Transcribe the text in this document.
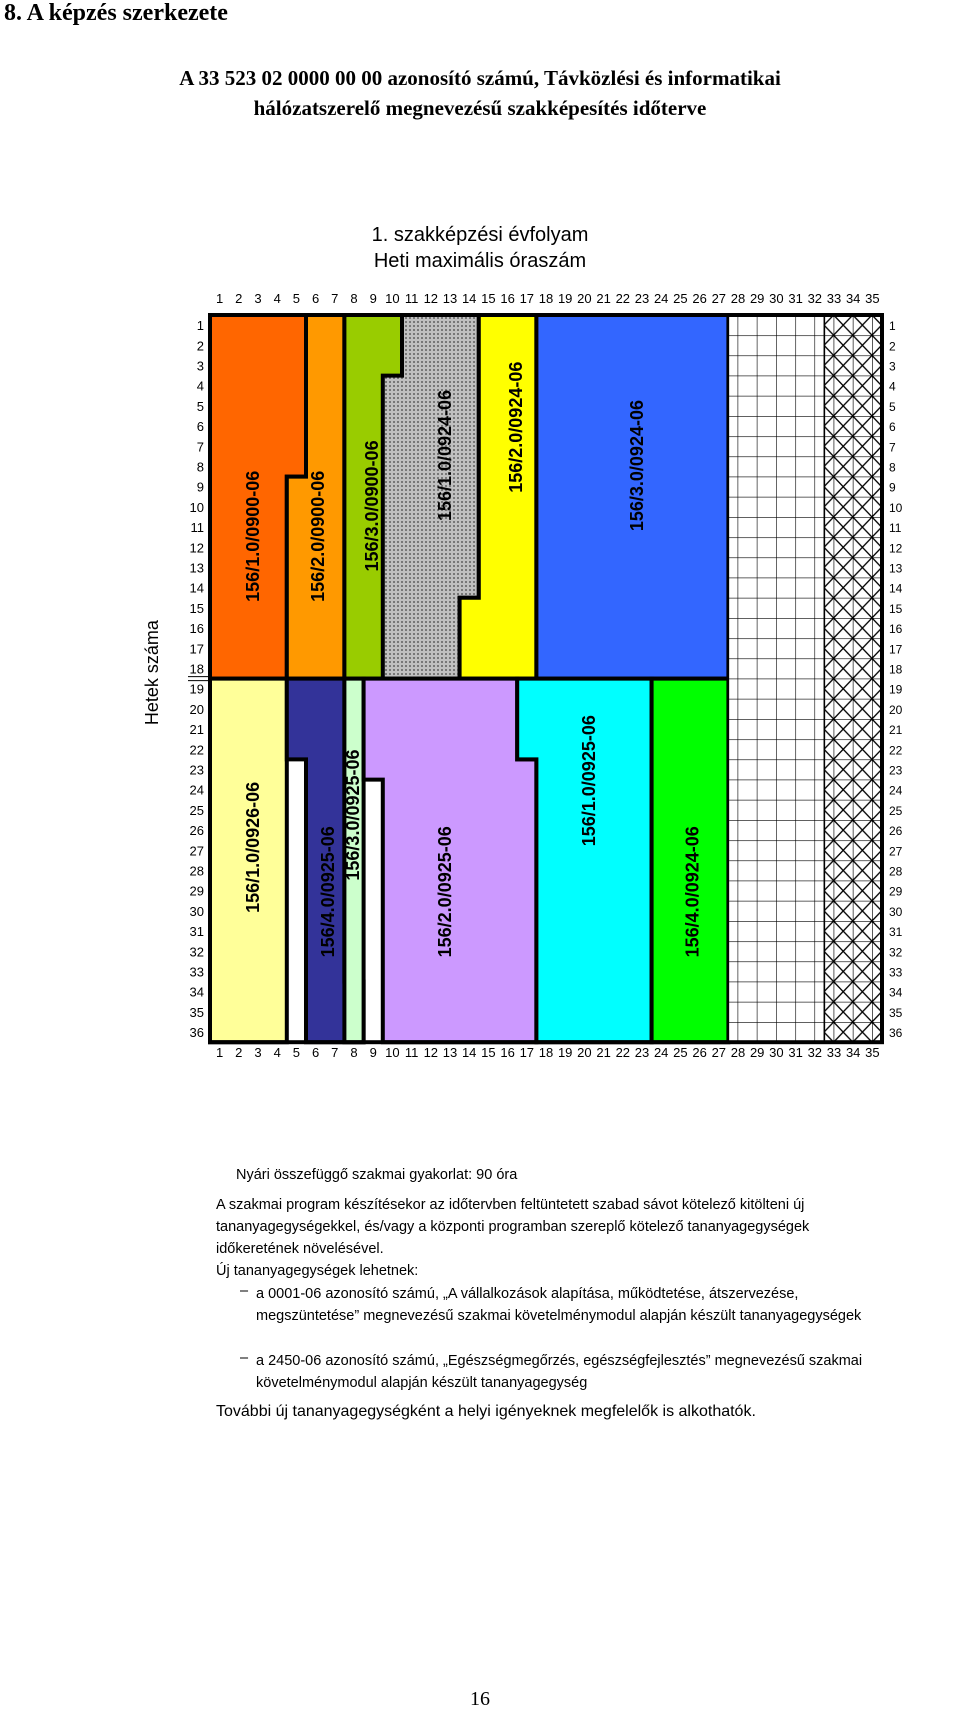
8. A képzés szerkezete
A 33 523 02 0000 00 00 azonosító számú, Távközlési és informatikai
hálózatszerelő megnevezésű szakképesítés időterve
1. szakképzési évfolyam
Heti maximális óraszám
1
1
2
2
3
3
4
4
5
5
6
6
7
7
8
8
9
9
10
10
11
11
12
12
13
13
14
14
15
15
16
16
17
17
18
18
19
19
20
20
21
21
22
22
23
23
24
24
25
25
26
26
27
27
28
28
29
29
30
30
31
31
32
32
33
33
34
34
35
35
1	1
2	2
3	3
4	4
5	5
6	6
7	7
8	8
9	9
10	10
11	11
12	12
13	13
14	14
15	15
16	16
17	17
18	18
19	19
20	20
21	21
22	22
23	23
24	24
25	25
26	26
27	27
28	28
29	29
30	30
31	31
32	32
33	33
34	34
35	35
36	36
Hetek száma
156/1.0/0900-06	156/2.0/0900-06 156/3.0/0900-06	156/1.0/0924-06	156/2.0/0924-06	156/3.0/0924-06
156/1.0/0926-06	156/4.0/0925-06
156/3.0/0925-06
156/2.0/0925-06
156/1.0/0925-06
156/4.0/0924-06
Nyári összefüggő szakmai gyakorlat: 90 óra
A szakmai program készítésekor az időtervben feltüntetett szabad sávot kötelező kitölteni új
tananyagegységekkel, és/vagy a központi programban szereplő kötelező tananyagegységek
időkeretének növelésével.
Új tananyagegységek lehetnek:
– a 0001-06 azonosító számú, „A vállalkozások alapítása, működtetése, átszervezése,
megszüntetése” megnevezésű szakmai követelménymodul alapján készült tananyagegységek
– a 2450-06 azonosító számú, „Egészségmegőrzés, egészségfejlesztés” megnevezésű szakmai
követelménymodul alapján készült tananyagegység
További új tananyagegységként a helyi igényeknek megfelelők is alkothatók.
16
